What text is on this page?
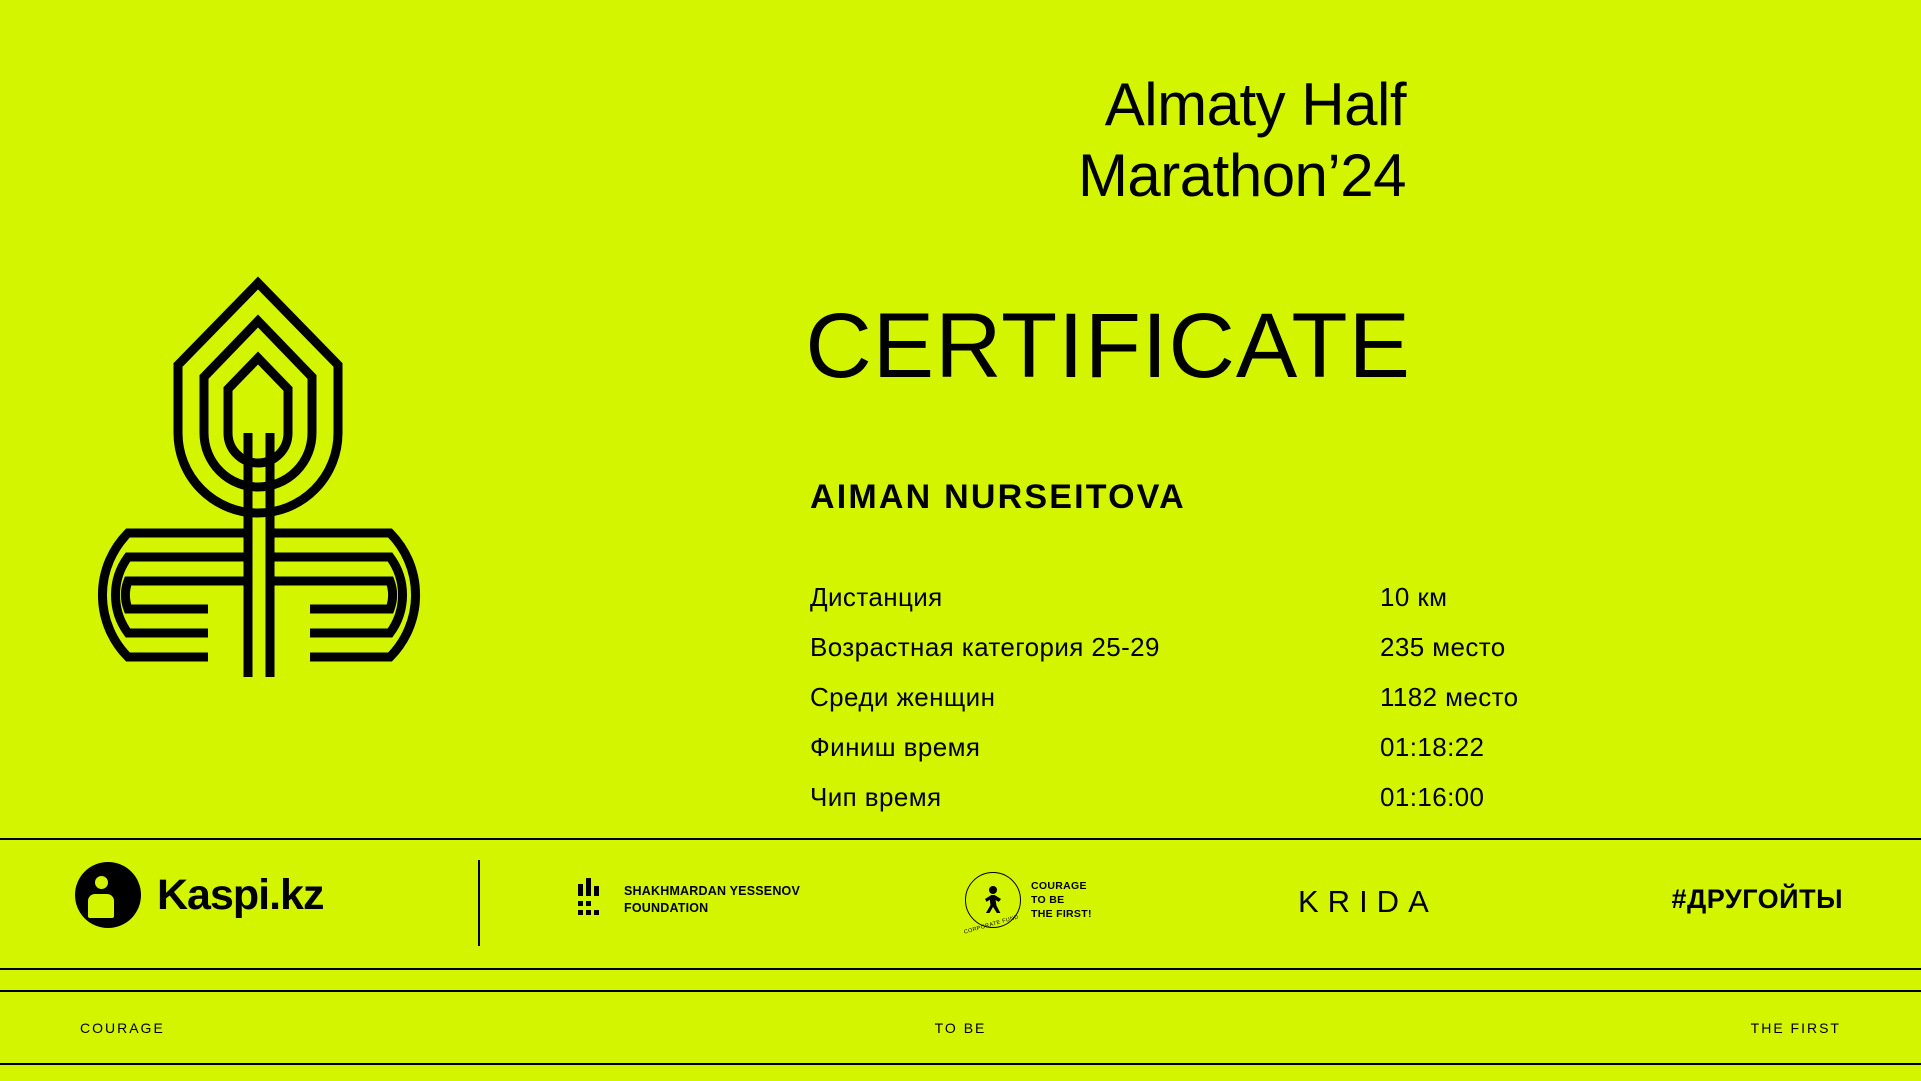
Almaty Half
Marathon’24
CERTIFICATE
AIMAN NURSEITOVA
Дистанция	10 км
Возрастная категория 25-29	235 место
Среди женщин	1182 место
Финиш время	01:18:22
Чип время	01:16:00
Kaspi.kz	SHAKHMARDAN YESSENOV
FOUNDATION
CORPORATE FUND
COURAGE
TO BE
THE FIRST!	KRIDA	#ДРУГОЙТЫ
COURAGE	TO BE	THE FIRST
